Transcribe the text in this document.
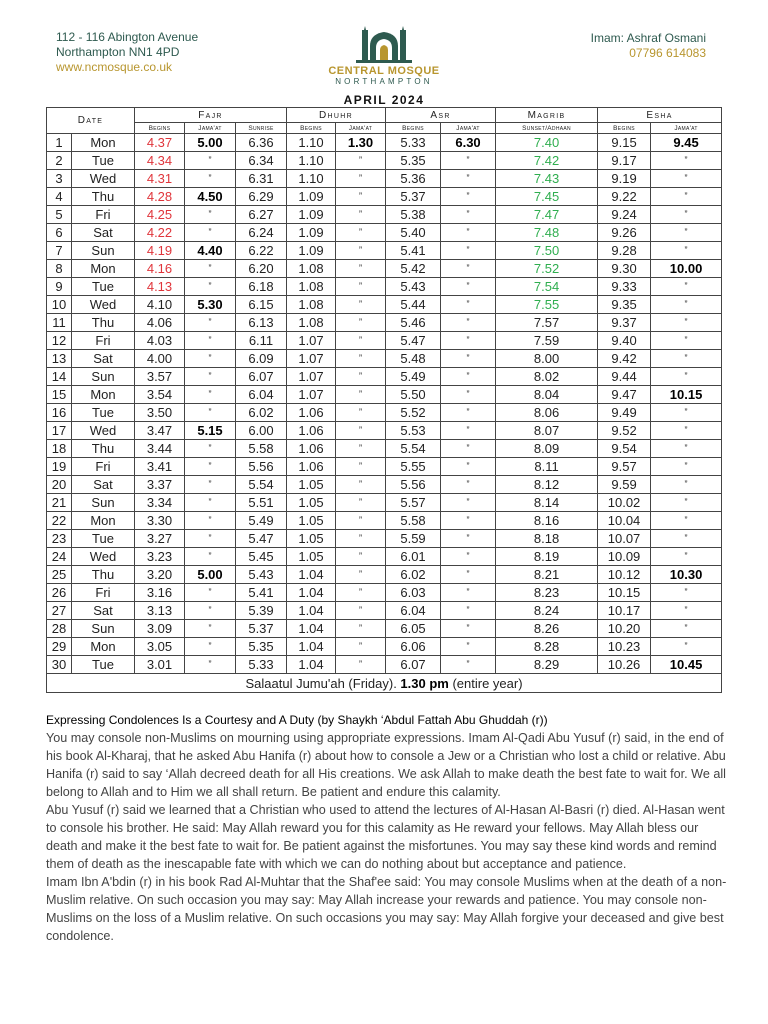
112 - 116 Abington Avenue
Northampton NN1 4PD
www.ncmosque.co.uk	CENTRAL MOSQUE
NORTHAMPTON
Imam: Ashraf Osmani
07796 614083
APRIL 2024
Date		Fajr			Dhuhr		Asr		Magrib	Esha	
		Begins	Jama'at	Sunrise	Begins	Jama'at	Begins	Jama'at	Sunset/Adhaan	Begins	Jama'at
1	Mon	4.37	5.00	6.36	1.10	1.30	5.33	6.30	7.40	9.15	9.45
2	Tue	4.34	”	6.34	1.10	”	5.35	”	7.42	9.17	”
3	Wed	4.31	”	6.31	1.10	”	5.36	”	7.43	9.19	”
4	Thu	4.28	4.50	6.29	1.09	”	5.37	”	7.45	9.22	”
5	Fri	4.25	”	6.27	1.09	”	5.38	”	7.47	9.24	”
6	Sat	4.22	”	6.24	1.09	”	5.40	”	7.48	9.26	”
7	Sun	4.19	4.40	6.22	1.09	”	5.41	”	7.50	9.28	”
8	Mon	4.16	”	6.20	1.08	”	5.42	”	7.52	9.30	10.00
9	Tue	4.13	”	6.18	1.08	”	5.43	”	7.54	9.33	”
10	Wed	4.10	5.30	6.15	1.08	”	5.44	”	7.55	9.35	”
11	Thu	4.06	”	6.13	1.08	”	5.46	”	7.57	9.37	”
12	Fri	4.03	”	6.11	1.07	”	5.47	”	7.59	9.40	”
13	Sat	4.00	”	6.09	1.07	”	5.48	”	8.00	9.42	”
14	Sun	3.57	”	6.07	1.07	”	5.49	”	8.02	9.44	”
15	Mon	3.54	”	6.04	1.07	”	5.50	”	8.04	9.47	10.15
16	Tue	3.50	”	6.02	1.06	”	5.52	”	8.06	9.49	”
17	Wed	3.47	5.15	6.00	1.06	”	5.53	”	8.07	9.52	”
18	Thu	3.44	”	5.58	1.06	”	5.54	”	8.09	9.54	”
19	Fri	3.41	”	5.56	1.06	”	5.55	”	8.11	9.57	”
20	Sat	3.37	”	5.54	1.05	”	5.56	”	8.12	9.59	”
21	Sun	3.34	”	5.51	1.05	”	5.57	”	8.14	10.02	”
22	Mon	3.30	”	5.49	1.05	”	5.58	”	8.16	10.04	”
23	Tue	3.27	”	5.47	1.05	”	5.59	”	8.18	10.07	”
24	Wed	3.23	”	5.45	1.05	”	6.01	”	8.19	10.09	”
25	Thu	3.20	5.00	5.43	1.04	”	6.02	”	8.21	10.12	10.30
26	Fri	3.16	”	5.41	1.04	”	6.03	”	8.23	10.15	”
27	Sat	3.13	”	5.39	1.04	”	6.04	”	8.24	10.17	”
28	Sun	3.09	”	5.37	1.04	”	6.05	”	8.26	10.20	”
29	Mon	3.05	”	5.35	1.04	”	6.06	”	8.28	10.23	”
30	Tue	3.01	”	5.33	1.04	”	6.07	”	8.29	10.26	10.45
Salaatul Jumu'ah (Friday). 1.30 pm (entire year)											

Expressing Condolences Is a Courtesy and A Duty (by Shaykh ‘Abdul Fattah Abu Ghuddah (r))

You may console non-Muslims on mourning using appropriate expressions. Imam Al-Qadi Abu Yusuf (r) said, in the end of his book Al-Kharaj, that he asked Abu Hanifa (r) about how to console a Jew or a Christian who lost a child or relative. Abu Hanifa (r) said to say ‘Allah decreed death for all His creations. We ask Allah to make death the best fate to wait for. We all belong to Allah and to Him we all shall return. Be patient and endure this calamity.

Abu Yusuf (r) said we learned that a Christian who used to attend the lectures of Al-Hasan Al-Basri (r) died. Al-Hasan went to console his brother. He said: May Allah reward you for this calamity as He reward your fellows. May Allah bless our death and make it the best fate to wait for. Be patient against the misfortunes. You may say these kind words and remind them of death as the inescapable fate with which we can do nothing about but acceptance and patience.

Imam Ibn A'bdin (r) in his book Rad Al-Muhtar that the Shaf'ee said: You may console Muslims when at the death of a non-Muslim relative. On such occasion you may say: May Allah increase your rewards and patience. You may console non-Muslims on the loss of a Muslim relative. On such occasions you may say: May Allah forgive your deceased and give best condolence.
